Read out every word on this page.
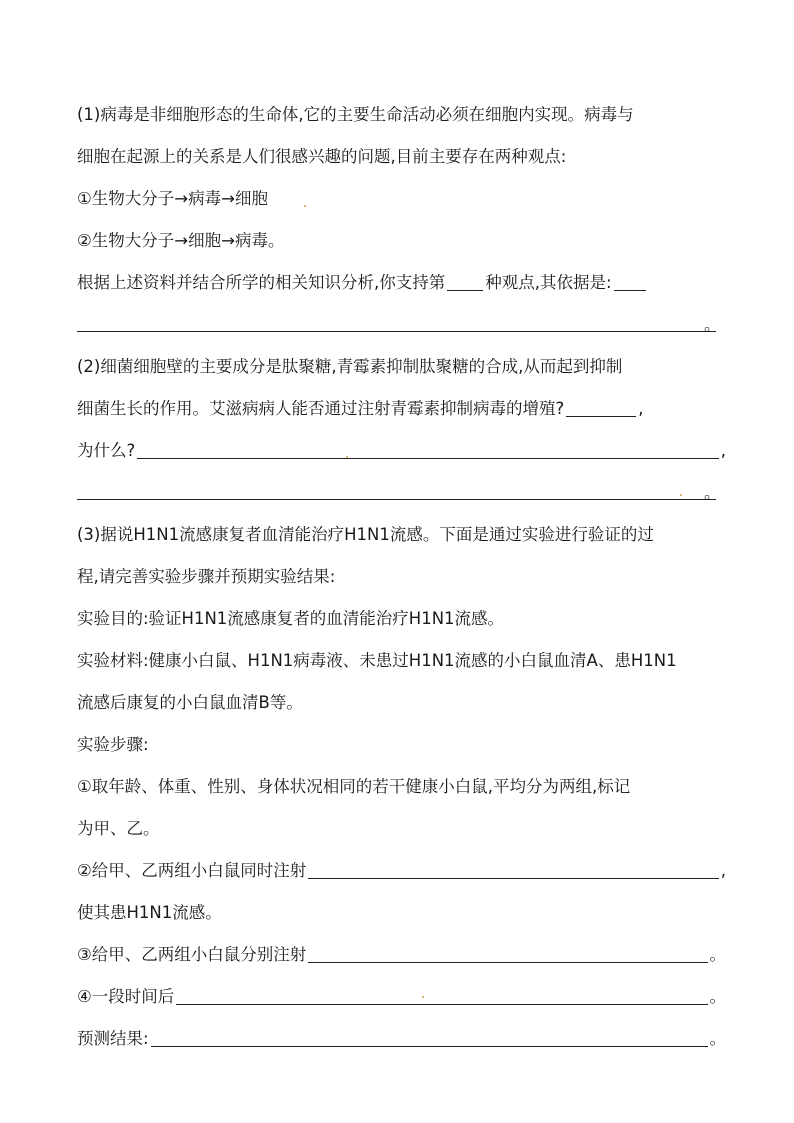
(1)病毒是非细胞形态的生命体,它的主要生命活动必须在细胞内实现。病毒与
细胞在起源上的关系是人们很感兴趣的问题,目前主要存在两种观点:
①生物大分子→病毒→细胞
②生物大分子→细胞→病毒。
根据上述资料并结合所学的相关知识分析,你支持第 种观点,其依据是:
。
(2)细菌细胞壁的主要成分是肽聚糖,青霉素抑制肽聚糖的合成,从而起到抑制
细菌生长的作用。艾滋病病人能否通过注射青霉素抑制病毒的增殖?	,
为什么?	,
。
(3)据说H1N1流感康复者血清能治疗H1N1流感。下面是通过实验进行验证的过
程,请完善实验步骤并预期实验结果:
实验目的:验证H1N1流感康复者的血清能治疗H1N1流感。
实验材料:健康小白鼠、H1N1病毒液、未患过H1N1流感的小白鼠血清A、患H1N1
流感后康复的小白鼠血清B等。
实验步骤:
①取年龄、体重、性别、身体状况相同的若干健康小白鼠,平均分为两组,标记
为甲、乙。
②给甲、乙两组小白鼠同时注射	,
使其患H1N1流感。
③给甲、乙两组小白鼠分别注射	。
④一段时间后	。
预测结果:	。
